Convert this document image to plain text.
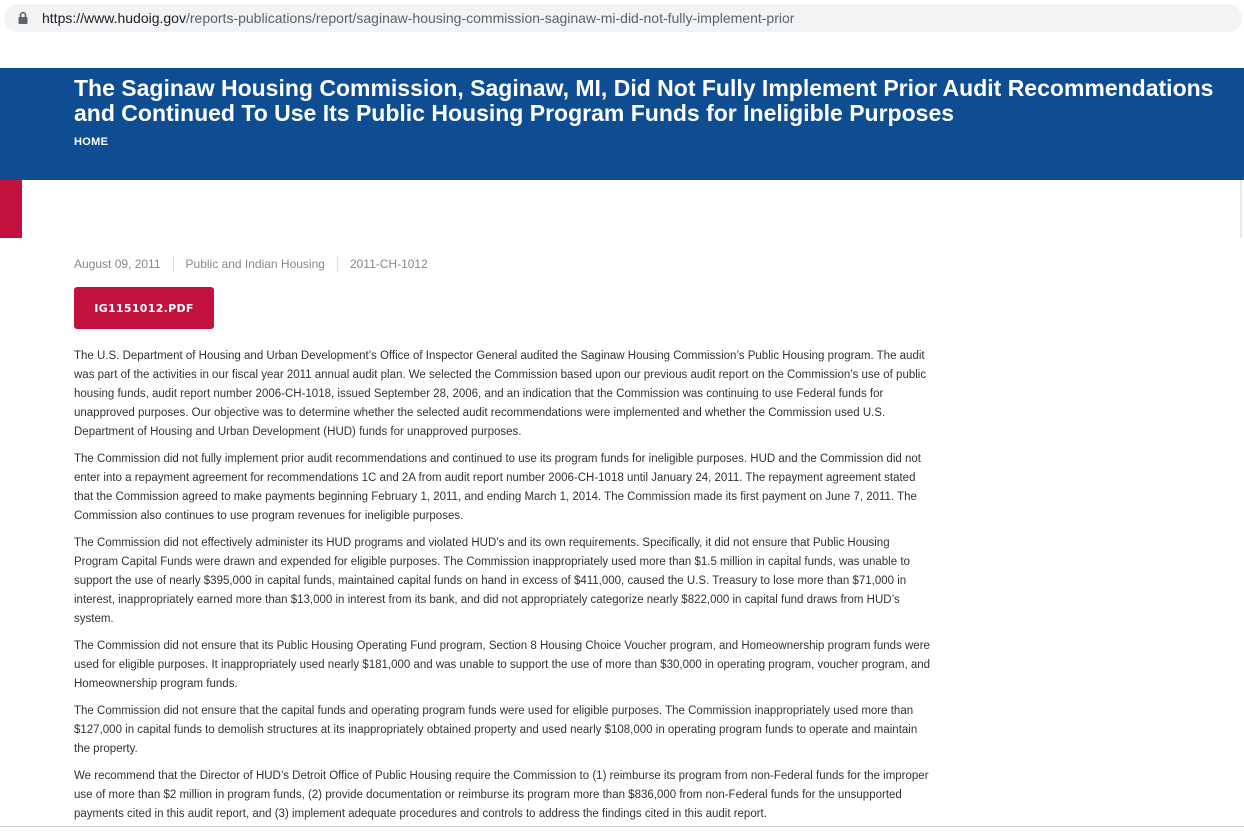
https://www.hudoig.gov/reports-publications/report/saginaw-housing-commission-saginaw-mi-did-not-fully-implement-prior
The Saginaw Housing Commission, Saginaw, MI, Did Not Fully Implement Prior Audit Recommendations and Continued To Use Its Public Housing Program Funds for Ineligible Purposes
HOME
August 09, 2011 Public and Indian Housing 2011-CH-1012
IG1151012.PDF

The U.S. Department of Housing and Urban Development’s Office of Inspector General audited the Saginaw Housing Commission’s Public Housing program. The audit was part of the activities in our fiscal year 2011 annual audit plan. We selected the Commission based upon our previous audit report on the Commission’s use of public housing funds, audit report number 2006-CH-1018, issued September 28, 2006, and an indication that the Commission was continuing to use Federal funds for unapproved purposes. Our objective was to determine whether the selected audit recommendations were implemented and whether the Commission used U.S. Department of Housing and Urban Development (HUD) funds for unapproved purposes.

The Commission did not fully implement prior audit recommendations and continued to use its program funds for ineligible purposes. HUD and the Commission did not enter into a repayment agreement for recommendations 1C and 2A from audit report number 2006-CH-1018 until January 24, 2011. The repayment agreement stated that the Commission agreed to make payments beginning February 1, 2011, and ending March 1, 2014. The Commission made its first payment on June 7, 2011. The Commission also continues to use program revenues for ineligible purposes.

The Commission did not effectively administer its HUD programs and violated HUD’s and its own requirements. Specifically, it did not ensure that Public Housing Program Capital Funds were drawn and expended for eligible purposes. The Commission inappropriately used more than $1.5 million in capital funds, was unable to support the use of nearly $395,000 in capital funds, maintained capital funds on hand in excess of $411,000, caused the U.S. Treasury to lose more than $71,000 in interest, inappropriately earned more than $13,000 in interest from its bank, and did not appropriately categorize nearly $822,000 in capital fund draws from HUD’s system.

The Commission did not ensure that its Public Housing Operating Fund program, Section 8 Housing Choice Voucher program, and Homeownership program funds were used for eligible purposes. It inappropriately used nearly $181,000 and was unable to support the use of more than $30,000 in operating program, voucher program, and Homeownership program funds.

The Commission did not ensure that the capital funds and operating program funds were used for eligible purposes. The Commission inappropriately used more than $127,000 in capital funds to demolish structures at its inappropriately obtained property and used nearly $108,000 in operating program funds to operate and maintain the property.

We recommend that the Director of HUD’s Detroit Office of Public Housing require the Commission to (1) reimburse its program from non-Federal funds for the improper use of more than $2 million in program funds, (2) provide documentation or reimburse its program more than $836,000 from non-Federal funds for the unsupported payments cited in this audit report, and (3) implement adequate procedures and controls to address the findings cited in this audit report.
